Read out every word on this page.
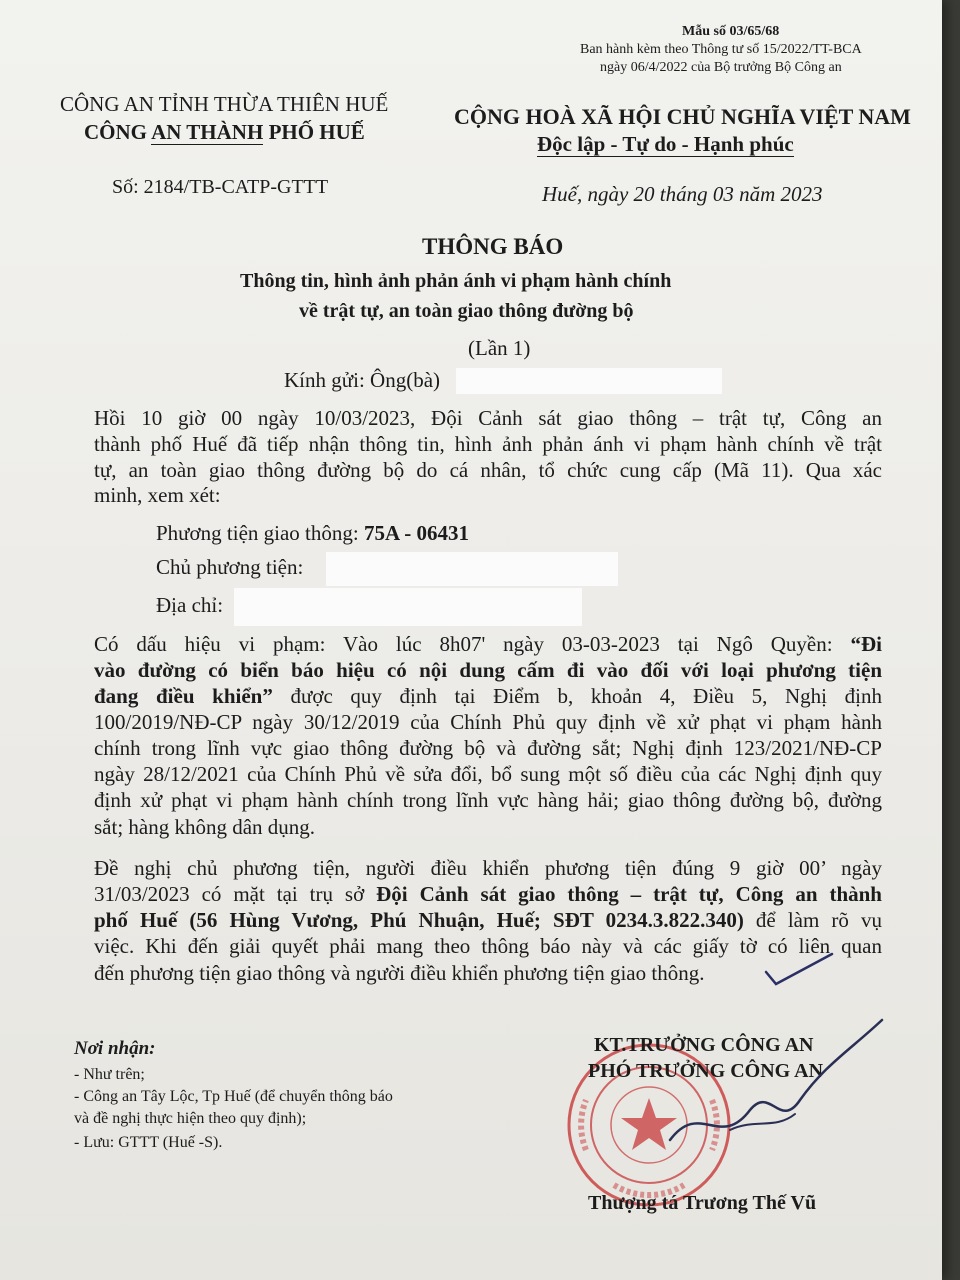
Mẫu số 03/65/68
Ban hành kèm theo Thông tư số 15/2022/TT-BCA
ngày 06/4/2022 của Bộ trưởng Bộ Công an
CÔNG AN TỈNH THỪA THIÊN HUẾ
CÔNG AN THÀNH PHỐ HUẾ
Số: 2184/TB-CATP-GTTT
CỘNG HOÀ XÃ HỘI CHỦ NGHĨA VIỆT NAM
Độc lập - Tự do - Hạnh phúc
Huế, ngày 20 tháng 03 năm 2023
THÔNG BÁO
Thông tin, hình ảnh phản ánh vi phạm hành chính
về trật tự, an toàn giao thông đường bộ
(Lần 1)
Kính gửi: Ông(bà)
Hồi 10 giờ 00 ngày 10/03/2023, Đội Cảnh sát giao thông – trật tự, Công an
thành phố Huế đã tiếp nhận thông tin, hình ảnh phản ánh vi phạm hành chính về trật
tự, an toàn giao thông đường bộ do cá nhân, tổ chức cung cấp (Mã 11). Qua xác
minh, xem xét:
Phương tiện giao thông: 75A - 06431
Chủ phương tiện:
Địa chỉ:
Có dấu hiệu vi phạm: Vào lúc 8h07' ngày 03-03-2023 tại Ngô Quyền: “Đi
vào đường có biển báo hiệu có nội dung cấm đi vào đối với loại phương tiện
đang điều khiển” được quy định tại Điểm b, khoản 4, Điều 5, Nghị định
100/2019/NĐ-CP ngày 30/12/2019 của Chính Phủ quy định về xử phạt vi phạm hành
chính trong lĩnh vực giao thông đường bộ và đường sắt; Nghị định 123/2021/NĐ-CP
ngày 28/12/2021 của Chính Phủ về sửa đổi, bổ sung một số điều của các Nghị định quy
định xử phạt vi phạm hành chính trong lĩnh vực hàng hải; giao thông đường bộ, đường
sắt; hàng không dân dụng.
Đề nghị chủ phương tiện, người điều khiển phương tiện đúng 9 giờ 00’ ngày
31/03/2023 có mặt tại trụ sở Đội Cảnh sát giao thông – trật tự, Công an thành
phố Huế (56 Hùng Vương, Phú Nhuận, Huế; SĐT 0234.3.822.340) để làm rõ vụ
việc. Khi đến giải quyết phải mang theo thông báo này và các giấy tờ có liên quan
đến phương tiện giao thông và người điều khiển phương tiện giao thông.
Nơi nhận:
- Như trên;
- Công an Tây Lộc, Tp Huế (để chuyển thông báo
và đề nghị thực hiện theo quy định);
- Lưu: GTTT (Huế -S).
KT.TRƯỞNG CÔNG AN
PHÓ TRƯỞNG CÔNG AN
Thượng tá Trương Thế Vũ
